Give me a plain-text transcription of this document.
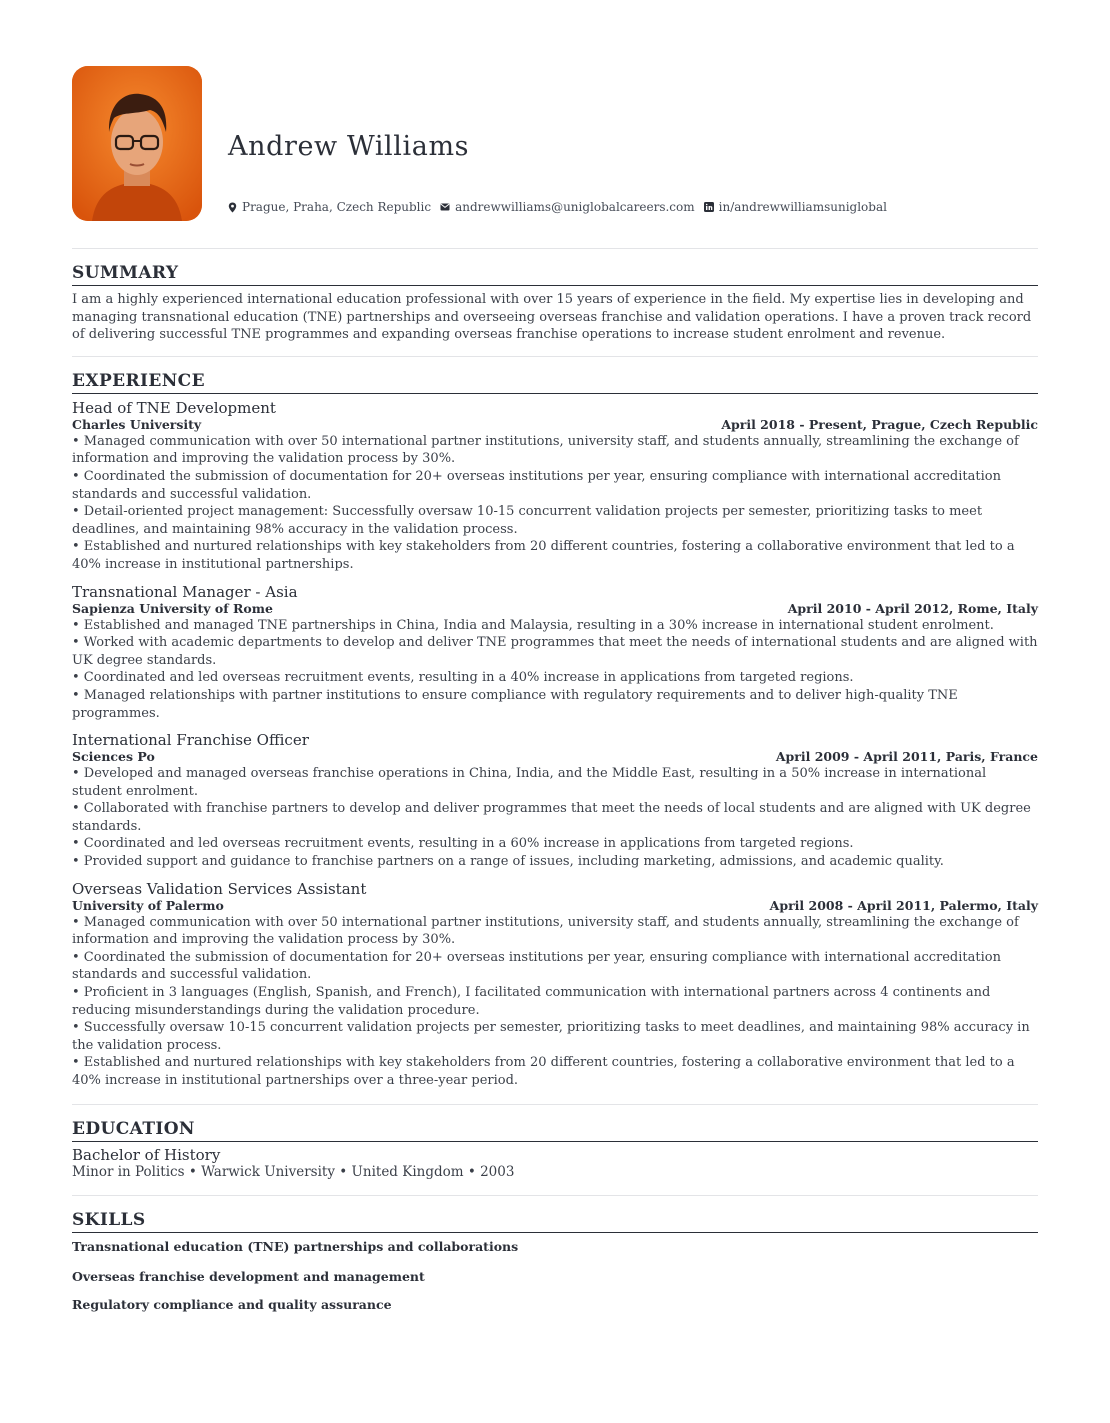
Andrew Williams
Prague, Praha, Czech Republic andrewwilliams@uniglobalcareers.com in/andrewwilliamsuniglobal
SUMMARY

I am a highly experienced international education professional with over 15 years of experience in the field. My expertise lies in developing and managing transnational education (TNE) partnerships and overseeing overseas franchise and validation operations. I have a proven track record of delivering successful TNE programmes and expanding overseas franchise operations to increase student enrolment and revenue.

EXPERIENCE
Head of TNE Development
Charles University	April 2018 - Present, Prague, Czech Republic
• Managed communication with over 50 international partner institutions, university staff, and students annually, streamlining the exchange of information and improving the validation process by 30%.
• Coordinated the submission of documentation for 20+ overseas institutions per year, ensuring compliance with international accreditation standards and successful validation.
• Detail-oriented project management: Successfully oversaw 10-15 concurrent validation projects per semester, prioritizing tasks to meet deadlines, and maintaining 98% accuracy in the validation process.
• Established and nurtured relationships with key stakeholders from 20 different countries, fostering a collaborative environment that led to a 40% increase in institutional partnerships.
Transnational Manager - Asia
Sapienza University of Rome	April 2010 - April 2012, Rome, Italy
• Established and managed TNE partnerships in China, India and Malaysia, resulting in a 30% increase in international student enrolment.
• Worked with academic departments to develop and deliver TNE programmes that meet the needs of international students and are aligned with UK degree standards.
• Coordinated and led overseas recruitment events, resulting in a 40% increase in applications from targeted regions.
• Managed relationships with partner institutions to ensure compliance with regulatory requirements and to deliver high-quality TNE programmes.
International Franchise Officer
Sciences Po	April 2009 - April 2011, Paris, France
• Developed and managed overseas franchise operations in China, India, and the Middle East, resulting in a 50% increase in international student enrolment.
• Collaborated with franchise partners to develop and deliver programmes that meet the needs of local students and are aligned with UK degree standards.
• Coordinated and led overseas recruitment events, resulting in a 60% increase in applications from targeted regions.
• Provided support and guidance to franchise partners on a range of issues, including marketing, admissions, and academic quality.
Overseas Validation Services Assistant
University of Palermo	April 2008 - April 2011, Palermo, Italy
• Managed communication with over 50 international partner institutions, university staff, and students annually, streamlining the exchange of information and improving the validation process by 30%.
• Coordinated the submission of documentation for 20+ overseas institutions per year, ensuring compliance with international accreditation standards and successful validation.
• Proficient in 3 languages (English, Spanish, and French), I facilitated communication with international partners across 4 continents and reducing misunderstandings during the validation procedure.
• Successfully oversaw 10-15 concurrent validation projects per semester, prioritizing tasks to meet deadlines, and maintaining 98% accuracy in the validation process.
• Established and nurtured relationships with key stakeholders from 20 different countries, fostering a collaborative environment that led to a 40% increase in institutional partnerships over a three-year period.
EDUCATION
Bachelor of History
Minor in Politics • Warwick University • United Kingdom • 2003
SKILLS
Transnational education (TNE) partnerships and collaborations
Overseas franchise development and management
Regulatory compliance and quality assurance
